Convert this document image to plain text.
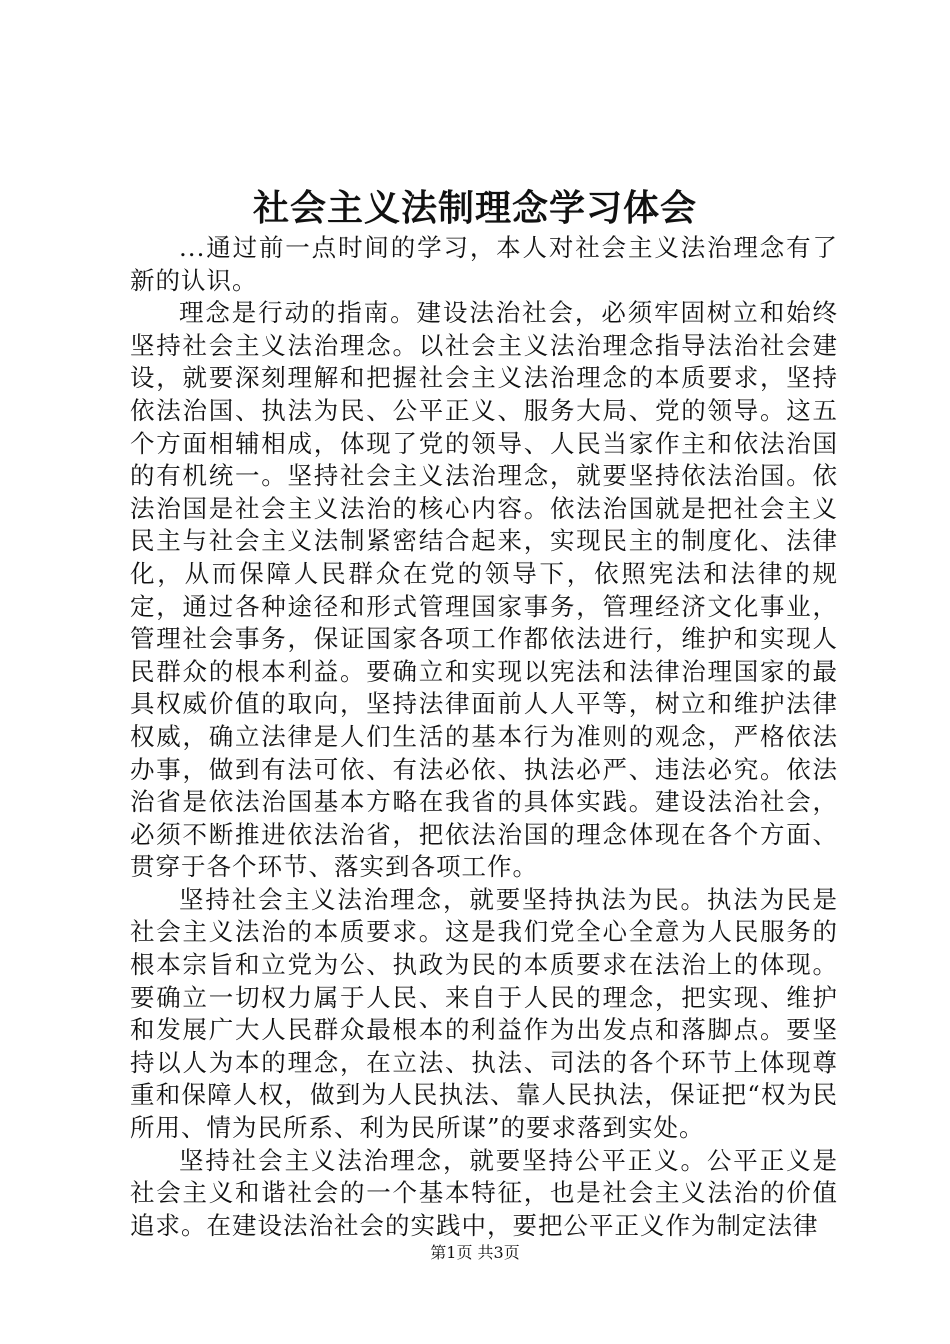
社会主义法制理念学习体会

...通过前一点时间的学习，本人对社会主义法治理念有了新的认识。

理念是行动的指南。建设法治社会，必须牢固树立和始终坚持社会主义法治理念。以社会主义法治理念指导法治社会建设，就要深刻理解和把握社会主义法治理念的本质要求，坚持依法治国、执法为民、公平正义、服务大局、党的领导。这五个方面相辅相成，体现了党的领导、人民当家作主和依法治国的有机统一。坚持社会主义法治理念，就要坚持依法治国。依法治国是社会主义法治的核心内容。依法治国就是把社会主义民主与社会主义法制紧密结合起来，实现民主的制度化、法律化，从而保障人民群众在党的领导下，依照宪法和法律的规定，通过各种途径和形式管理国家事务，管理经济文化事业，管理社会事务，保证国家各项工作都依法进行，维护和实现人民群众的根本利益。要确立和实现以宪法和法律治理国家的最具权威价值的取向，坚持法律面前人人平等，树立和维护法律权威，确立法律是人们生活的基本行为准则的观念，严格依法办事，做到有法可依、有法必依、执法必严、违法必究。依法治省是依法治国基本方略在我省的具体实践。建设法治社会，必须不断推进依法治省，把依法治国的理念体现在各个方面、贯穿于各个环节、落实到各项工作。

坚持社会主义法治理念，就要坚持执法为民。执法为民是社会主义法治的本质要求。这是我们党全心全意为人民服务的根本宗旨和立党为公、执政为民的本质要求在法治上的体现。要确立一切权力属于人民、来自于人民的理念，把实现、维护和发展广大人民群众最根本的利益作为出发点和落脚点。要坚持以人为本的理念，在立法、执法、司法的各个环节上体现尊重和保障人权，做到为人民执法、靠人民执法，保证把“权为民所用、情为民所系、利为民所谋”的要求落到实处。

坚持社会主义法治理念，就要坚持公平正义。公平正义是社会主义和谐社会的一个基本特征，也是社会主义法治的价值追求。在建设法治社会的实践中，要把公平正义作为制定法律

第1页 共3页
